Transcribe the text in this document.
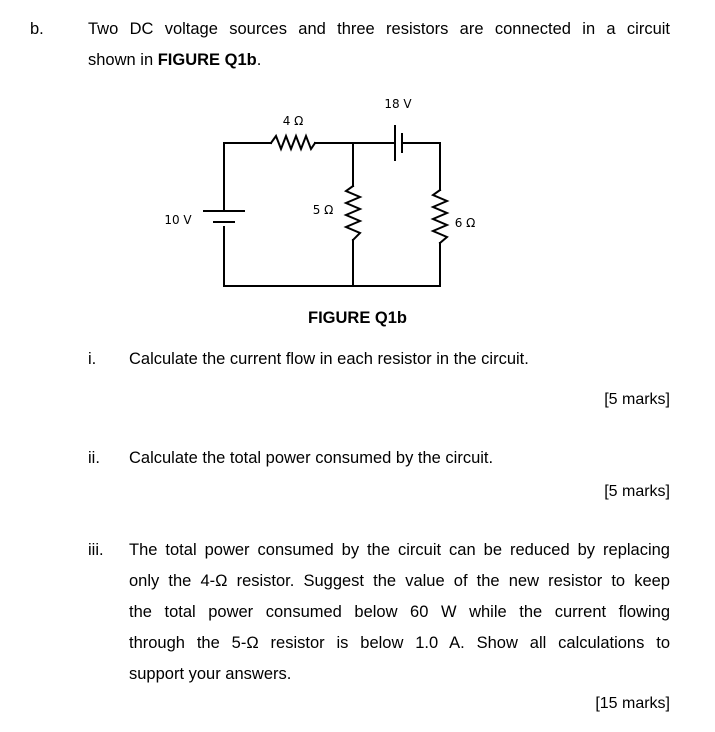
b.	Two DC voltage sources and three resistors are connected in a circuit
shown in FIGURE Q1b.
18 V
4 Ω
5 Ω
6 Ω
10 V
FIGURE Q1b
i. Calculate the current flow in each resistor in the circuit.
[5 marks]
ii. Calculate the total power consumed by the circuit.
[5 marks]
iii. The total power consumed by the circuit can be reduced by replacing
only the 4-Ω resistor. Suggest the value of the new resistor to keep
the total power consumed below 60 W while the current flowing
through the 5-Ω resistor is below 1.0 A. Show all calculations to
support your answers.
[15 marks]
